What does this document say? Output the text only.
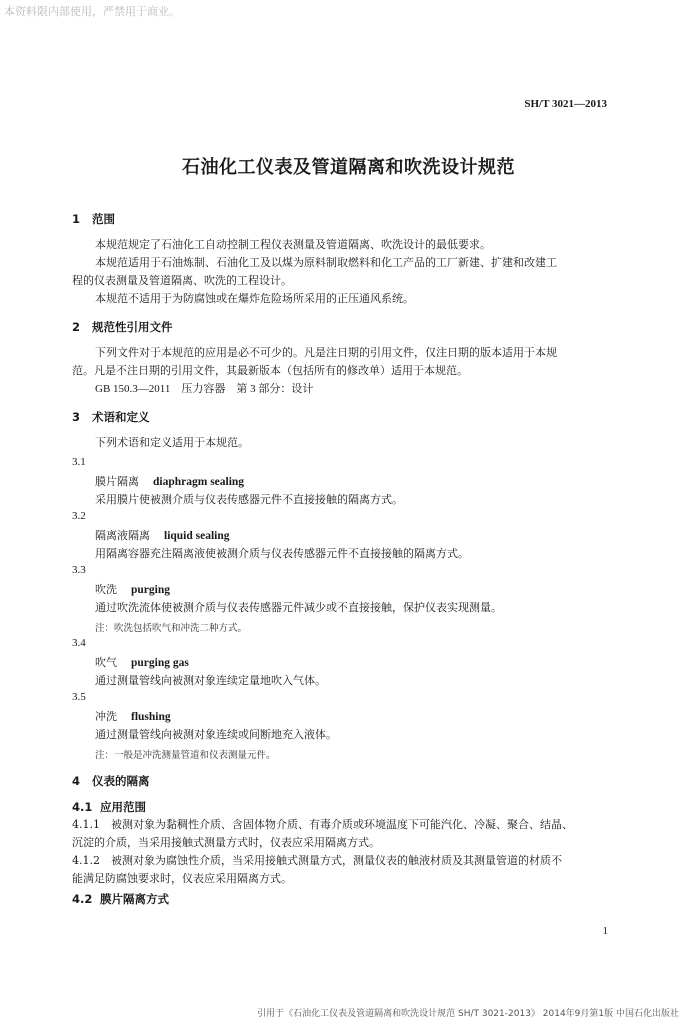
本资料限内部使用，严禁用于商业。
SH/T 3021—2013
石油化工仪表及管道隔离和吹洗设计规范
1 范围
本规范规定了石油化工自动控制工程仪表测量及管道隔离、吹洗设计的最低要求。
本规范适用于石油炼制、石油化工及以煤为原料制取燃料和化工产品的工厂新建、扩建和改建工
程的仪表测量及管道隔离、吹洗的工程设计。
本规范不适用于为防腐蚀或在爆炸危险场所采用的正压通风系统。
2 规范性引用文件
下列文件对于本规范的应用是必不可少的。凡是注日期的引用文件，仅注日期的版本适用于本规
范。凡是不注日期的引用文件，其最新版本（包括所有的修改单）适用于本规范。
GB 150.3—2011　压力容器　第 3 部分：设计
3 术语和定义
下列术语和定义适用于本规范。
3.1
膜片隔离 diaphragm sealing
采用膜片使被测介质与仪表传感器元件不直接接触的隔离方式。
3.2
隔离液隔离 liquid sealing
用隔离容器充注隔离液使被测介质与仪表传感器元件不直接接触的隔离方式。
3.3
吹洗 purging
通过吹洗流体使被测介质与仪表传感器元件减少或不直接接触，保护仪表实现测量。
注：吹洗包括吹气和冲洗二种方式。
3.4
吹气 purging gas
通过测量管线向被测对象连续定量地吹入气体。
3.5
冲洗 flushing
通过测量管线向被测对象连续或间断地充入液体。
注：一般是冲洗测量管道和仪表测量元件。
4 仪表的隔离
4.1 应用范围
4.1.1　被测对象为黏稠性介质、含固体物介质、有毒介质或环境温度下可能汽化、冷凝、聚合、结晶、
沉淀的介质，当采用接触式测量方式时，仪表应采用隔离方式。
4.1.2　被测对象为腐蚀性介质，当采用接触式测量方式，测量仪表的触液材质及其测量管道的材质不
能满足防腐蚀要求时，仪表应采用隔离方式。
4.2 膜片隔离方式
1
引用于《石油化工仪表及管道隔离和吹洗设计规范 SH/T 3021-2013》 2014年9月第1版 中国石化出版社
